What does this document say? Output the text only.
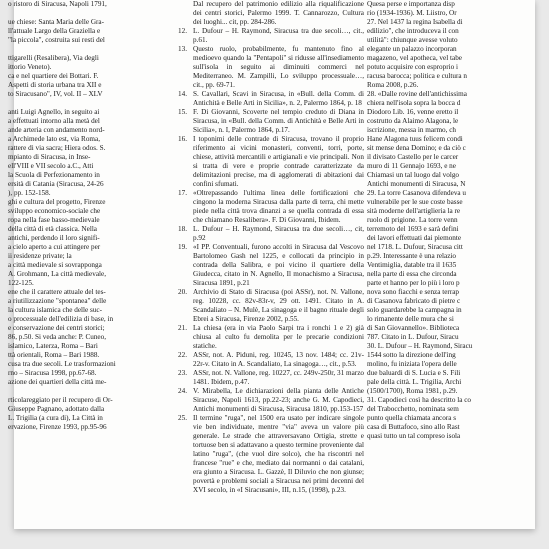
o ristoro di Siracusa, Napoli 1791,

ue chiese: Santa Maria delle Gra-
ll'attuale Largo della Graziella e
"la piccola", costruita sui resti del

ttigarelli (Resalibera), Via degli
ittorio Veneto).
ca e nel quartiere dei Bottari. F.
Aspetti di storia urbana tra XII e
to Siracusano", IV, vol. II – XLV

anti Luigi Agnello, in seguito ai
a effettuati intorno alla metà del
ande arteria con andamento nord-
a Archimede lato est, via Roma,
rattere di via sacra; Hiera odos. S.
mpianto di Siracusa, in Inse-
ell'VIII e VII secolo a.C., Atti
la Scuola di Perfezionamento in
ersità di Catania (Siracusa, 24-26
), pp. 152-158.
ghi e cultura del progetto, Firenze
sviluppo economico-sociale che
ropa nella fase basso-medievale
della città di età classica. Nella
antichi, perdendo il loro signifi-
a cielo aperto a cui attingere per
ii residenze private; la
a città medievale si sovrapponga
A. Grohmann, La città medievale,
122-125.
ene che il carattere attuale del tes-
a riutilizzazione "spontanea" delle
la cultura islamica che delle suc-
o processuale dell'edilizia di base, in
e conservazione dei centri storici;
86, p.50. Si veda anche: P. Cuneo,
islamico, Laterza, Roma – Bari
ttà orientali, Roma – Bari 1988.
cusa tra due secoli. Le trasformazioni
rno – Siracusa 1998, pp.67-68.
azione dei quartieri della città me-

rticolareggiato per il recupero di Or-
Giuseppe Pagnano, adottato dalla
L. Trigilia (a cura di), La Città in
ervazione, Firenze 1993, pp.95-96

Dal recupero del patrimonio edilizio alla riqualificazione dei centri storici, Palermo 1999. T. Cannarozzo, Cultura dei luoghi... cit, pp. 284-286.

12. L. Dufour – H. Raymond, Siracusa tra due secoli…, cit., p.61.

13. Questo ruolo, probabilmente, fu mantenuto fino al medioevo quando la "Pentapoli" si ridusse all'insediamento sull'isola in seguito ai diminuiti commerci nel Mediterraneo. M. Zampilli, Lo sviluppo processuale…, cit., pp. 69-71.

14. S. Cavallari, Scavi in Siracusa, in «Bull. della Comm. di Antichità e Belle Arti in Sicilia», n. 2, Palermo 1864, p. 18

15. F. Di Giovanni, Scoverte nel tempio creduto di Diana in Siracusa, in «Bull. della Comm. di Antichità e Belle Arti in Sicilia», n. I, Palermo 1864, p.17.

16. I toponimi delle contrade di Siracusa, trovano il proprio riferimento ai vicini monasteri, conventi, torri, porte, chiese, attività mercantili e artigianali e vie principali. Non si tratta di vere e proprie contrade caratterizzate da delimitazioni precise, ma di agglomerati di abitazioni dai confini sfumati.

17. «Oltrepassando l'ultima linea delle fortificazioni che cingono la moderna Siracusa dalla parte di terra, chi mette piede nella città trova dinanzi a se quella contrada di essa che chiamano Resalibera». F. Di Giovanni, Ibidem.

18. L. Dufour – H. Raymond, Siracusa tra due secoli…, cit, p.92

19. «I PP. Conventuali, furono accolti in Siracusa dal Vescovo Bartolomeo Gash nel 1225, e collocati da principio in contrada della Salibra, e poi vicino il quartiere della Giudecca, citato in N. Agnello, Il monachismo a Siracusa, Siracusa 1891, p.21

20. Archivio di Stato di Siracusa (poi ASSr), not. N. Vallone, reg. 10228, cc. 82v-83r-v, 29 ott. 1491. Citato in A. Scandaliato – N. Mulè, La sinagoga e il bagno rituale degli Ebrei a Siracusa, Firenze 2002, p.55.

21. La chiesa (era in via Paolo Sarpi tra i ronchi 1 e 2) già chiusa al culto fu demolita per le precarie condizioni statiche.

22. ASSr, not. A. Piduni, reg. 10245, 13 nov. 1484; cc. 21v-22r-v. Citato in A. Scandaliato, La sinagoga…, cit., p.53.

23. ASSr, not. N. Vallone, reg. 10227, cc. 249v-250r, 31 marzo 1481. Ibidem, p.47.

24. V. Mirabella, Le dichiarazioni della pianta delle Antiche Siracuse, Napoli 1613, pp.22-23; anche G. M. Capodieci, Antichi monumenti di Siracusa, Siracusa 1810, pp.153-157

25. Il termine "ruga", nel 1500 era usato per indicare singole vie ben individuate, mentre "via" aveva un valore più generale. Le strade che attraversavano Ortigia, strette e tortuose ben si adattavano a questo termine proveniente dal latino "ruga", (che vuol dire solco), che ha riscontri nel francese "rue" e che, mediato dai normanni o dai catalani, era giunto a Siracusa. L. Gazzè, Il Diluvio che non giunse; povertà e problemi sociali a Siracusa nei primi decenni del XVI secolo, in «I Siracusani», III, n.15, (1998), p.23.

Quesa perse e importanza disp
rio (1934-1936). M. Liistro, Or
27. Nel 1437 la regina Isabella di
edilizio", che introduceva il con
utilità": chiunque avesse voluto
elegante un palazzo incorporan
magazeno, vel apotheca, vel tabe
potuto acquisire con esproprio i
racusa barocca; politica e cultura n
Roma 2008, p.26.
28. «Dalle rovine dell'antichissima
chiera nell'isola sopra la bocca d
Diodoro Lib. 16, venne eretto il
costrutto da Alaimo Alagona, le
iscrizione, messa in marmo, ch
Hane Alagona tuus felicem condi
sit mense dena Domino; e da ciò c
il divisato Castello per le carcer
muro di 11 Gennajo 1693, e ne
Chiamasi un tal luogo dal volgo
Antichi monumenti di Siracusa, N
29. La torre Casanova difendeva u
vulnerabile per le sue coste basse
sità moderne dell'artiglieria la re
ruolo di prigione. La torre venn
terremoto del 1693 e sarà defini
dei lavori effettuati dai piemonte
nel 1718. L. Dufour, Siracusa citt
p.29. Interessante è una relazio
Ventimiglia, datable tra il 1635
nella parte di essa che circonda
parte et hanno per lo più i loro p
nova sono fiacchi e senza terrap
di Casanova fabricato di pietre c
solo guardarebbe la campagna in
lo rimanente delle mura che si
di San Giovannello». Biblioteca
787. Citato in L. Dufour, Siracu
30. L. Dufour – H. Raymond, Siracu
1544 sotto la direzione dell'ing
molino, fu iniziata l'opera delle
due baluardi di S. Lucia e S. Fili
pale della città. L. Trigilia, Archi
(1500/1700), Roma 1981, p.29.
31. Capodieci così ha descritto la co
del Trabocchetto, nominata sem
punto quella chiamata ancora s
casa di Buttafoco, sino allo Rast
quasi tutto un tal compreso isola
